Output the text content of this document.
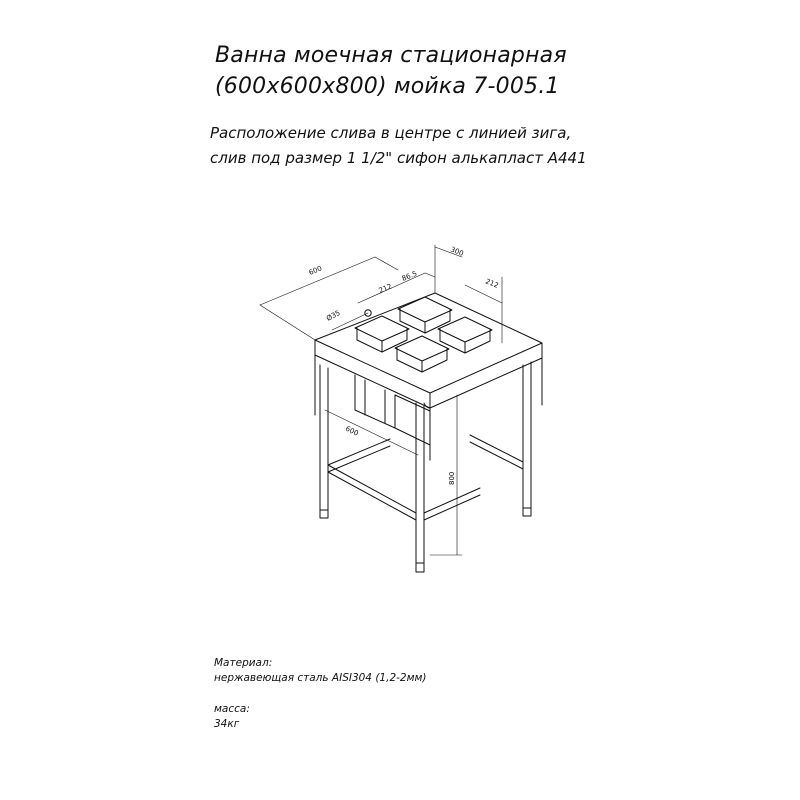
Ванна моечная стационарная
(600x600x800) мойка 7-005.1
Расположение слива в центре с линией зига,
слив под размер 1 1/2" сифон алькапласт А441
600
212
86.5
300
212
Ø35
600
800
Материал:
нержавеющая сталь AISI304 (1,2-2мм)
масса:
34кг
